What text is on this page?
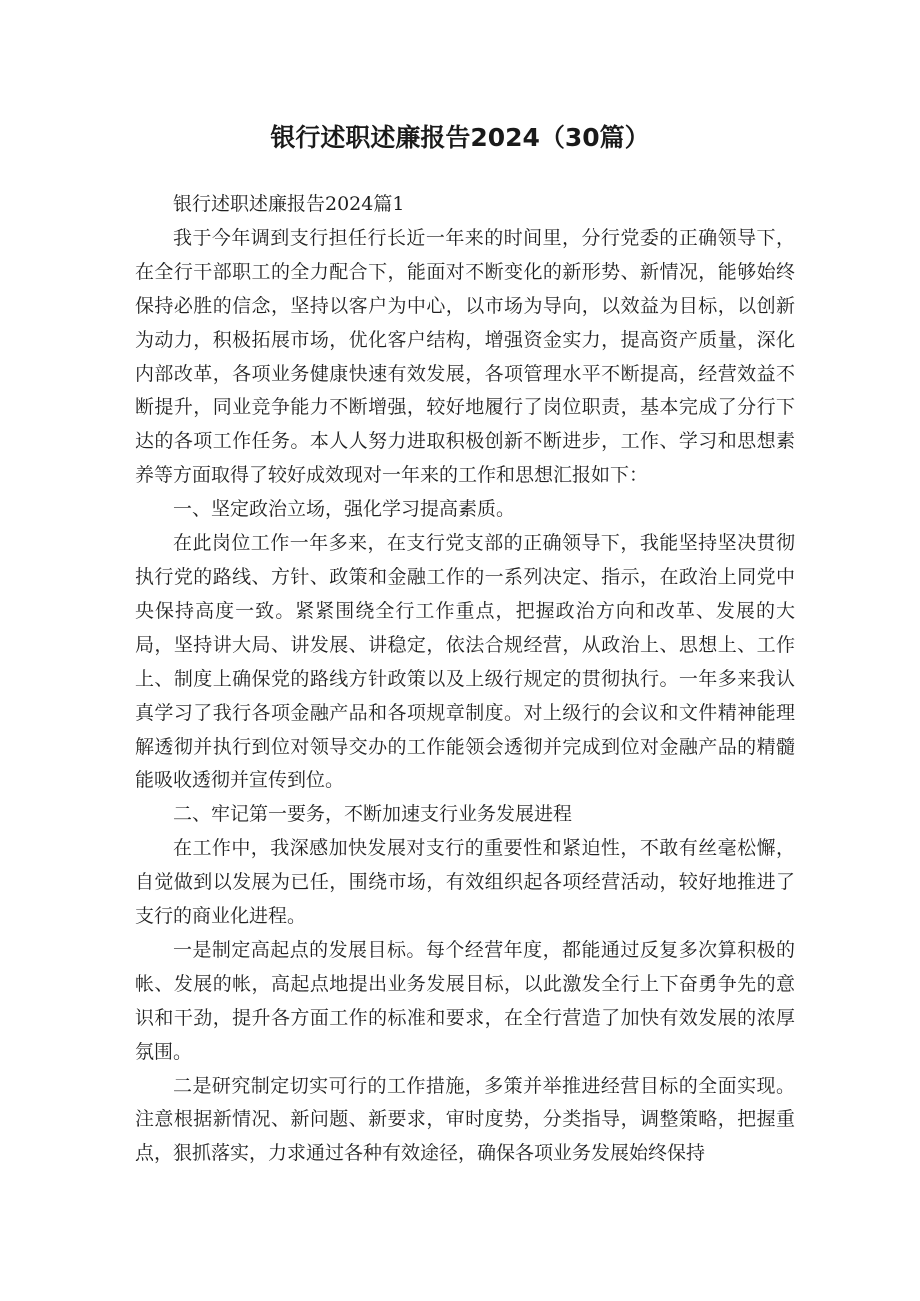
银行述职述廉报告2024（30篇）

银行述职述廉报告2024篇1

我于今年调到支行担任行长近一年来的时间里，分行党委的正确领导下，在全行干部职工的全力配合下，能面对不断变化的新形势、新情况，能够始终保持必胜的信念，坚持以客户为中心，以市场为导向，以效益为目标，以创新为动力，积极拓展市场，优化客户结构，增强资金实力，提高资产质量，深化内部改革，各项业务健康快速有效发展，各项管理水平不断提高，经营效益不断提升，同业竞争能力不断增强，较好地履行了岗位职责，基本完成了分行下达的各项工作任务。本人人努力进取积极创新不断进步，工作、学习和思想素养等方面取得了较好成效现对一年来的工作和思想汇报如下：

一、坚定政治立场，强化学习提高素质。

在此岗位工作一年多来，在支行党支部的正确领导下，我能坚持坚决贯彻执行党的路线、方针、政策和金融工作的一系列决定、指示，在政治上同党中央保持高度一致。紧紧围绕全行工作重点，把握政治方向和改革、发展的大局，坚持讲大局、讲发展、讲稳定，依法合规经营，从政治上、思想上、工作上、制度上确保党的路线方针政策以及上级行规定的贯彻执行。一年多来我认真学习了我行各项金融产品和各项规章制度。对上级行的会议和文件精神能理解透彻并执行到位对领导交办的工作能领会透彻并完成到位对金融产品的精髓能吸收透彻并宣传到位。

二、牢记第一要务，不断加速支行业务发展进程

在工作中，我深感加快发展对支行的重要性和紧迫性，不敢有丝毫松懈，自觉做到以发展为已任，围绕市场，有效组织起各项经营活动，较好地推进了支行的商业化进程。

一是制定高起点的发展目标。每个经营年度，都能通过反复多次算积极的帐、发展的帐，高起点地提出业务发展目标，以此激发全行上下奋勇争先的意识和干劲，提升各方面工作的标准和要求，在全行营造了加快有效发展的浓厚氛围。

二是研究制定切实可行的工作措施，多策并举推进经营目标的全面实现。注意根据新情况、新问题、新要求，审时度势，分类指导，调整策略，把握重点，狠抓落实，力求通过各种有效途径，确保各项业务发展始终保持
